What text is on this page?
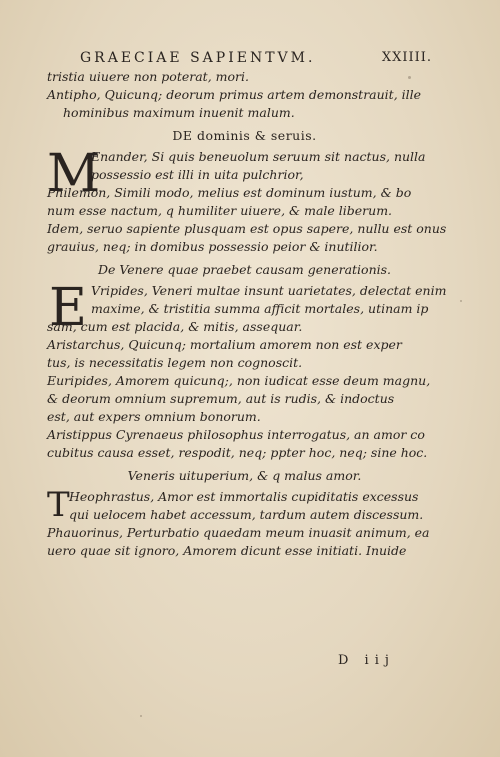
GRAECIAE SAPIENTVM.	XXIIII.
tristia uiuere non poterat, mori.
Antipho, Quicunq; deorum primus artem demonstrauit, ille
hominibus maximum inuenit malum.
DE dominis & seruis.
M
Enander, Si quis beneuolum seruum sit nactus, nulla
possessio est illi in uita pulchrior,
Philemon, Simili modo, melius est dominum iustum, & bo
num esse nactum, q humiliter uiuere, & male liberum.
Idem, seruo sapiente plusquam est opus sapere, nullu est onus
grauius, neq; in domibus possessio peior & inutilior.
De Venere quae praebet causam generationis.
E Vripides, Veneri multae insunt uarietates, delectat enim
maxime, & tristitia summa afficit mortales, utinam ip
sam, cum est placida, & mitis, assequar.
Aristarchus, Quicunq; mortalium amorem non est exper
tus, is necessitatis legem non cognoscit.
Euripides, Amorem quicunq;, non iudicat esse deum magnu,
& deorum omnium supremum, aut is rudis, & indoctus
est, aut expers omnium bonorum.
Aristippus Cyrenaeus philosophus interrogatus, an amor co
cubitus causa esset, respodit, neq; ppter hoc, neq; sine hoc.
Veneris uituperium, & q malus amor.
T Heophrastus, Amor est immortalis cupiditatis excessus
qui uelocem habet accessum, tardum autem discessum.
Phauorinus, Perturbatio quaedam meum inuasit animum, ea
uero quae sit ignoro, Amorem dicunt esse initiati. Inuide
D iij
